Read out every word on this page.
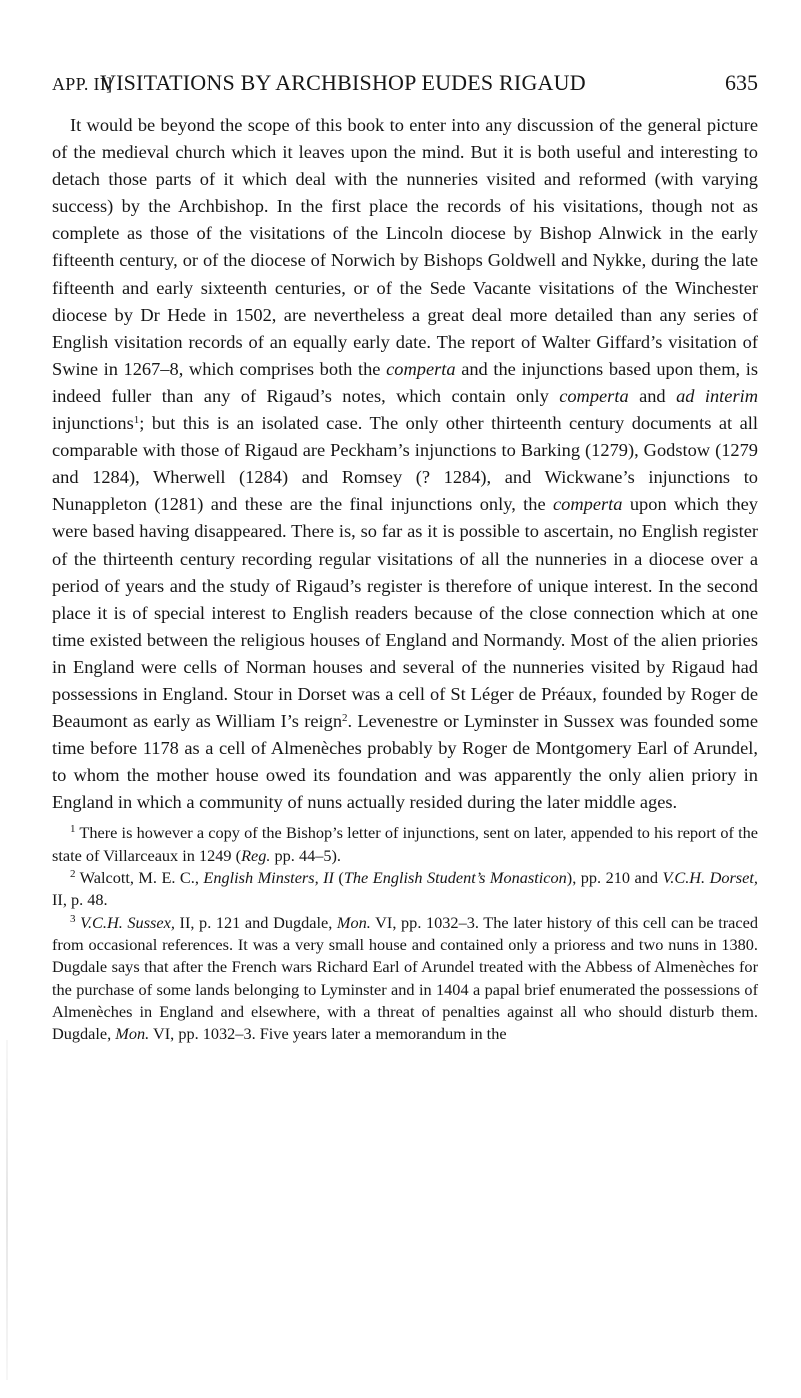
APP. II]
VISITATIONS BY ARCHBISHOP EUDES RIGAUD	635

It would be beyond the scope of this book to enter into any discussion of the general picture of the medieval church which it leaves upon the mind. But it is both useful and interesting to detach those parts of it which deal with the nunneries visited and reformed (with varying success) by the Archbishop. In the first place the records of his visitations, though not as complete as those of the visitations of the Lincoln diocese by Bishop Alnwick in the early fifteenth century, or of the diocese of Norwich by Bishops Goldwell and Nykke, during the late fifteenth and early sixteenth centuries, or of the Sede Vacante visitations of the Winchester diocese by Dr Hede in 1502, are nevertheless a great deal more detailed than any series of English visitation records of an equally early date. The report of Walter Giffard’s visitation of Swine in 1267–8, which comprises both the comperta and the injunctions based upon them, is indeed fuller than any of Rigaud’s notes, which contain only comperta and ad interim injunctions$^1$; but this is an isolated case. The only other thirteenth century documents at all comparable with those of Rigaud are Peckham’s injunctions to Barking (1279), Godstow (1279 and 1284), Wherwell (1284) and Romsey (? 1284), and Wickwane’s injunctions to Nunappleton (1281) and these are the final injunctions only, the comperta upon which they were based having disappeared. There is, so far as it is possible to ascertain, no English register of the thirteenth century recording regular visitations of all the nunneries in a diocese over a period of years and the study of Rigaud’s register is therefore of unique interest. In the second place it is of special interest to English readers because of the close connection which at one time existed between the religious houses of England and Normandy. Most of the alien priories in England were cells of Norman houses and several of the nunneries visited by Rigaud had possessions in England. Stour in Dorset was a cell of St Léger de Préaux, founded by Roger de Beaumont as early as William I’s reign$^2$. Levenestre or Lyminster in Sussex was founded some time before 1178 as a cell of Almenèches probably by Roger de Montgomery Earl of Arundel, to whom the mother house owed its foundation and was apparently the only alien priory in England in which a community of nuns actually resided during the later middle ages.

$^1$ There is however a copy of the Bishop’s letter of injunctions, sent on later, appended to his report of the state of Villarceaux in 1249 (Reg. pp. 44–5).

$^2$ Walcott, M. E. C., English Minsters, II (The English Student’s Monasticon), pp. 210 and V.C.H. Dorset, II, p. 48.

$^3$ V.C.H. Sussex, II, p. 121 and Dugdale, Mon. VI, pp. 1032–3. The later history of this cell can be traced from occasional references. It was a very small house and contained only a prioress and two nuns in 1380. Dugdale says that after the French wars Richard Earl of Arundel treated with the Abbess of Almenèches for the purchase of some lands belonging to Lyminster and in 1404 a papal brief enumerated the possessions of Almenèches in England and elsewhere, with a threat of penalties against all who should disturb them. Dugdale, Mon. VI, pp. 1032–3. Five years later a memorandum in the
